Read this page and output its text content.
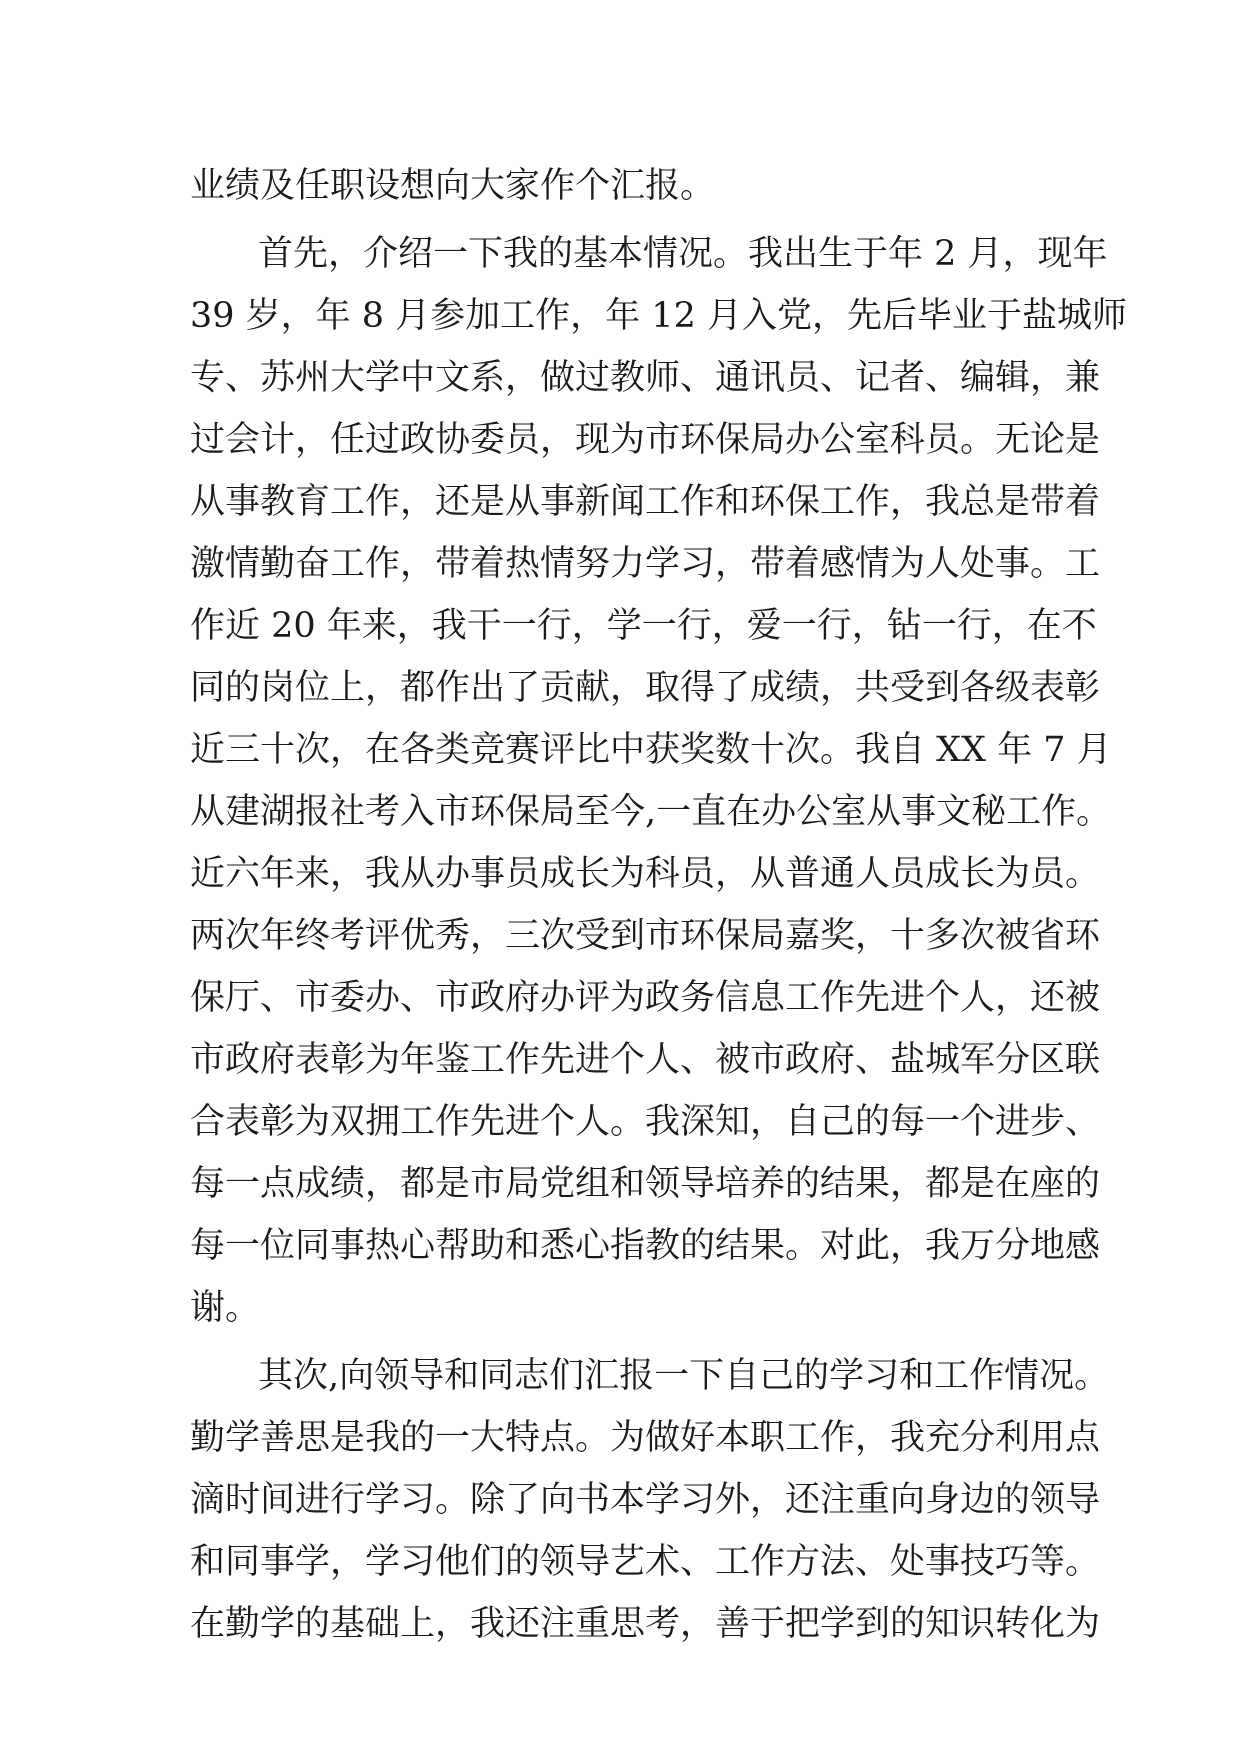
业绩及任职设想向大家作个汇报。
首先，介绍一下我的基本情况。我出生于年 2 月，现年
39 岁，年 8 月参加工作，年 12 月入党，先后毕业于盐城师
专、苏州大学中文系，做过教师、通讯员、记者、编辑，兼
过会计，任过政协委员，现为市环保局办公室科员。无论是
从事教育工作，还是从事新闻工作和环保工作，我总是带着
激情勤奋工作，带着热情努力学习，带着感情为人处事。工
作近 20 年来，我干一行，学一行，爱一行，钻一行，在不
同的岗位上，都作出了贡献，取得了成绩，共受到各级表彰
近三十次，在各类竞赛评比中获奖数十次。我自 XX 年 7 月
从建湖报社考入市环保局至今,一直在办公室从事文秘工作。
近六年来，我从办事员成长为科员，从普通人员成长为员。
两次年终考评优秀，三次受到市环保局嘉奖，十多次被省环
保厅、市委办、市政府办评为政务信息工作先进个人，还被
市政府表彰为年鉴工作先进个人、被市政府、盐城军分区联
合表彰为双拥工作先进个人。我深知，自己的每一个进步、
每一点成绩，都是市局党组和领导培养的结果，都是在座的
每一位同事热心帮助和悉心指教的结果。对此，我万分地感
谢。
其次,向领导和同志们汇报一下自己的学习和工作情况。
勤学善思是我的一大特点。为做好本职工作，我充分利用点
滴时间进行学习。除了向书本学习外，还注重向身边的领导
和同事学，学习他们的领导艺术、工作方法、处事技巧等。
在勤学的基础上，我还注重思考，善于把学到的知识转化为
